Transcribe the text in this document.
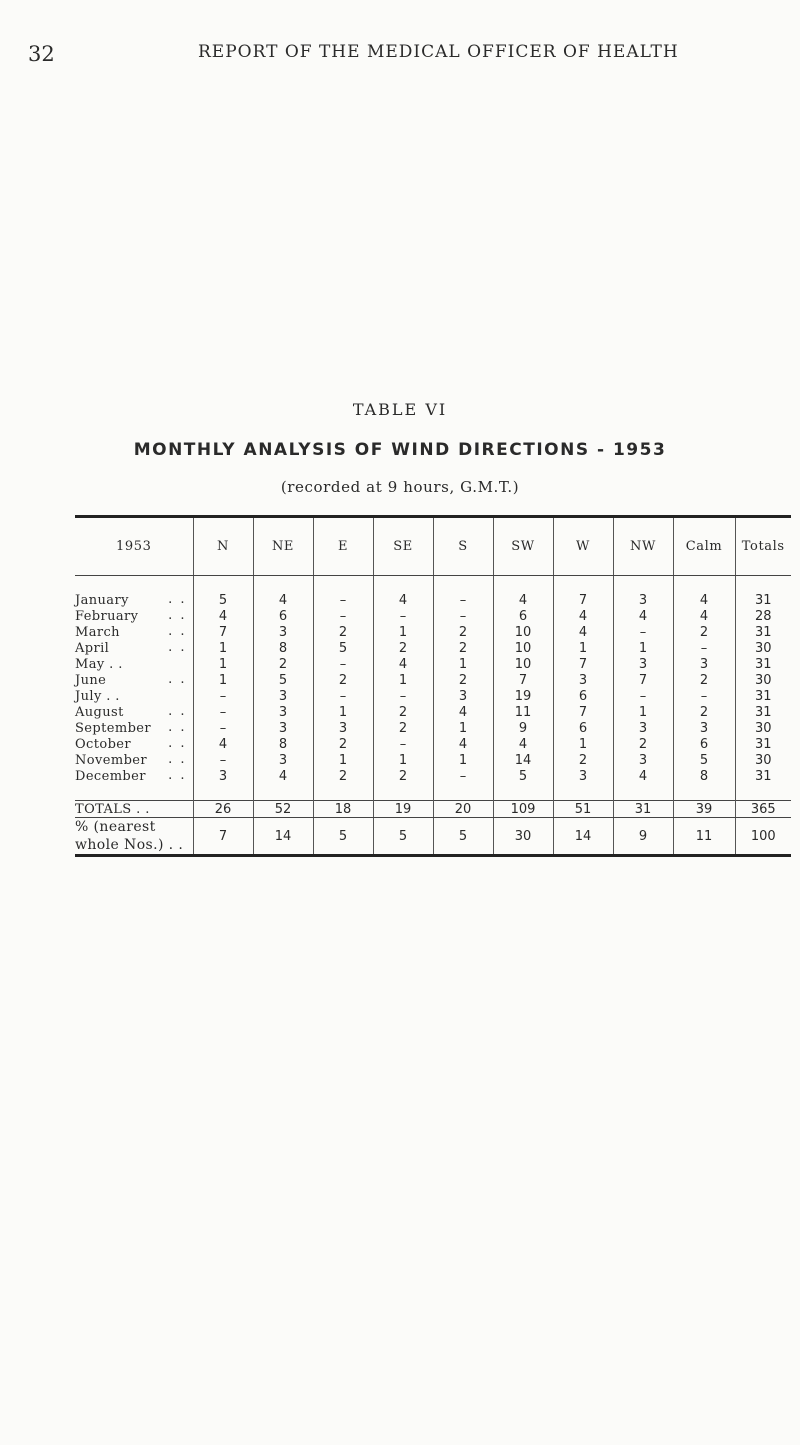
32	REPORT OF THE MEDICAL OFFICER OF HEALTH
TABLE VI
MONTHLY ANALYSIS OF WIND DIRECTIONS - 1953
(recorded at 9 hours, G.M.T.)
1953	N	NE	E	SE	S	SW	W	NW	Calm	Totals

January . .	5	4	–	4	–	4	7	3	4	31
February . .	4	6	–	–	–	6	4	4	4	28
March . .	7	3	2	1	2	10	4	–	2	31
April . .	1	8	5	2	2	10	1	1	–	30
May . .	1	2	–	4	1	10	7	3	3	31
June . .	1	5	2	1	2	7	3	7	2	30
July . .	–	3	–	–	3	19	6	–	–	31
August . .	–	3	1	2	4	11	7	1	2	31
September . .	–	3	3	2	1	9	6	3	3	30
October . .	4	8	2	–	4	4	1	2	6	31
November . .	–	3	1	1	1	14	2	3	5	30
December . .	3	4	2	2	–	5	3	4	8	31

TOTALS . .	26	52	18	19	20	109	51	31	39	365

% (nearest
whole Nos.) . .	7	14	5	5	5	30	14	9	11	100
